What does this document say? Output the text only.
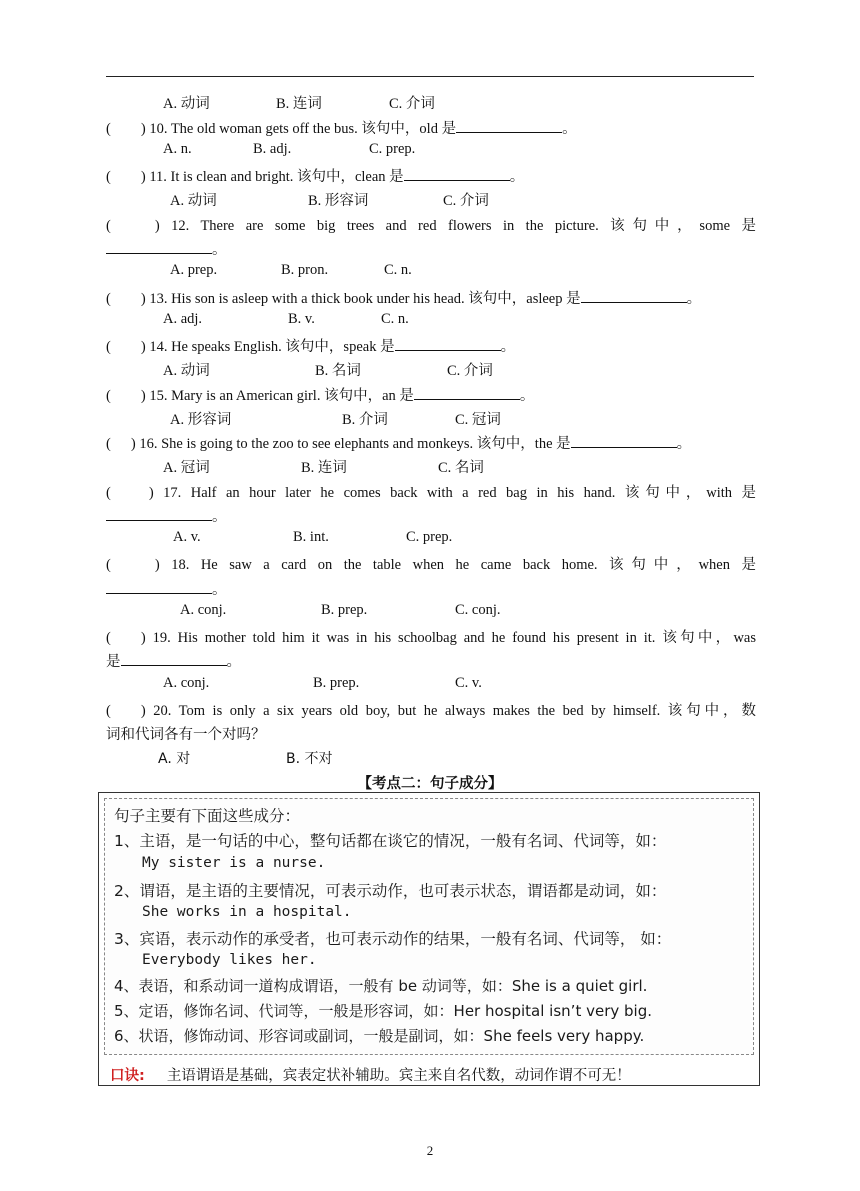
A. 动词	B. 连词	C. 介词
( ) 10. The old woman gets off the bus. 该句中，old 是	。
A. n.	B. adj.	C. prep.
( ) 11. It is clean and bright. 该句中，clean 是	。
A. 动词	B. 形容词	C. 介词
(	) 12. There are some big trees and red flowers in the picture. 该句中，some 是
。
A. prep.	B. pron.	C. n.
( ) 13. His son is asleep with a thick book under his head. 该句中，asleep 是	。
A. adj.	B. v.	C. n.
( ) 14. He speaks English. 该句中，speak 是	。
A. 动词	B. 名词	C. 介词
( ) 15. Mary is an American girl. 该句中，an 是	。
A. 形容词	B. 介词	C. 冠词
( ) 16. She is going to the zoo to see elephants and monkeys. 该句中，the 是	。
A. 冠词	B. 连词	C. 名词
(	) 17. Half an hour later he comes back with a red bag in his hand. 该句中，with 是
。
A. v.	B. int.	C. prep.
(	) 18. He saw a card on the table when he came back home. 该句中，when 是
。
A. conj.	B. prep.	C. conj.
( ) 19. His mother told him it was in his schoolbag and he found his present in it. 该句中，was
是	。
A. conj.	B. prep.	C. v.
( ) 20. Tom is only a six years old boy, but he always makes the bed by himself. 该句中，数
词和代词各有一个对吗？
A. 对	B. 不对
【考点二：句子成分】
句子主要有下面这些成分：
1、主语，是一句话的中心，整句话都在谈它的情况，一般有名词、代词等，如：
My sister is a nurse.
2、谓语，是主语的主要情况，可表示动作，也可表示状态，谓语都是动词，如：
She works in a hospital.
3、宾语，表示动作的承受者，也可表示动作的结果，一般有名词、代词等， 如：
Everybody likes her.
4、表语，和系动词一道构成谓语，一般有 be 动词等，如：She is a quiet girl.
5、定语，修饰名词、代词等，一般是形容词，如：Her hospital isn’t very big.
6、状语，修饰动词、形容词或副词，一般是副词，如：She feels very happy.
口诀: 主语谓语是基础，宾表定状补辅助。宾主来自名代数，动词作谓不可无！
2
